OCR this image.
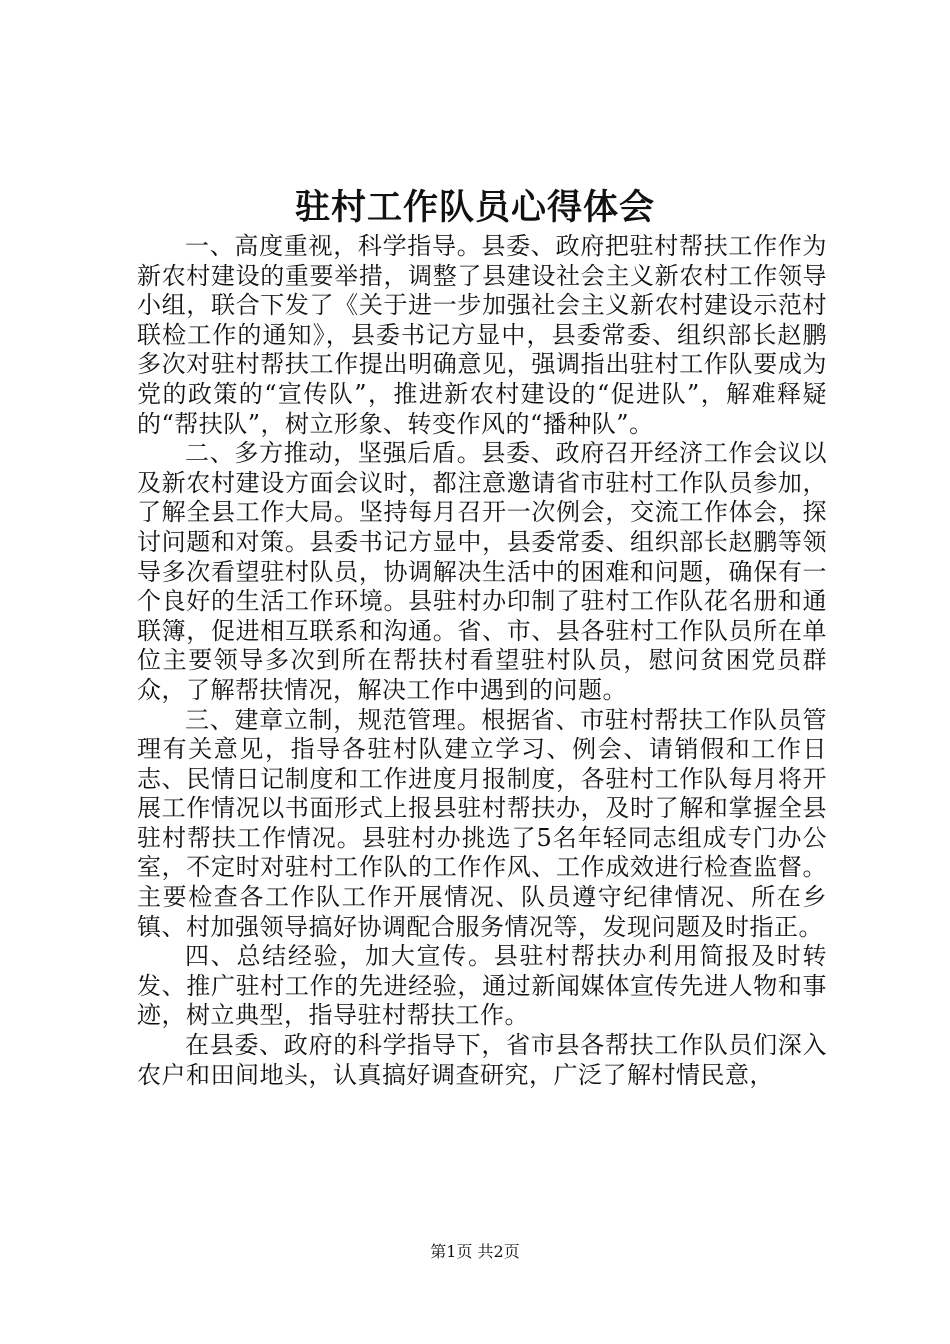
驻村工作队员心得体会

一、高度重视，科学指导。县委、政府把驻村帮扶工作作为新农村建设的重要举措，调整了县建设社会主义新农村工作领导小组，联合下发了《关于进一步加强社会主义新农村建设示范村联检工作的通知》，县委书记方显中，县委常委、组织部长赵鹏多次对驻村帮扶工作提出明确意见，强调指出驻村工作队要成为党的政策的“宣传队”，推进新农村建设的“促进队”，解难释疑的“帮扶队”，树立形象、转变作风的“播种队”。

二、多方推动，坚强后盾。县委、政府召开经济工作会议以及新农村建设方面会议时，都注意邀请省市驻村工作队员参加，了解全县工作大局。坚持每月召开一次例会，交流工作体会，探讨问题和对策。县委书记方显中，县委常委、组织部长赵鹏等领导多次看望驻村队员，协调解决生活中的困难和问题，确保有一个良好的生活工作环境。县驻村办印制了驻村工作队花名册和通联簿，促进相互联系和沟通。省、市、县各驻村工作队员所在单位主要领导多次到所在帮扶村看望驻村队员，慰问贫困党员群众，了解帮扶情况，解决工作中遇到的问题。

三、建章立制，规范管理。根据省、市驻村帮扶工作队员管理有关意见，指导各驻村队建立学习、例会、请销假和工作日志、民情日记制度和工作进度月报制度，各驻村工作队每月将开展工作情况以书面形式上报县驻村帮扶办，及时了解和掌握全县驻村帮扶工作情况。县驻村办挑选了5名年轻同志组成专门办公室，不定时对驻村工作队的工作作风、工作成效进行检查监督。主要检查各工作队工作开展情况、队员遵守纪律情况、所在乡镇、村加强领导搞好协调配合服务情况等，发现问题及时指正。

四、总结经验，加大宣传。县驻村帮扶办利用简报及时转发、推广驻村工作的先进经验，通过新闻媒体宣传先进人物和事迹，树立典型，指导驻村帮扶工作。

在县委、政府的科学指导下，省市县各帮扶工作队员们深入农户和田间地头，认真搞好调查研究，广泛了解村情民意，

第1页 共2页
